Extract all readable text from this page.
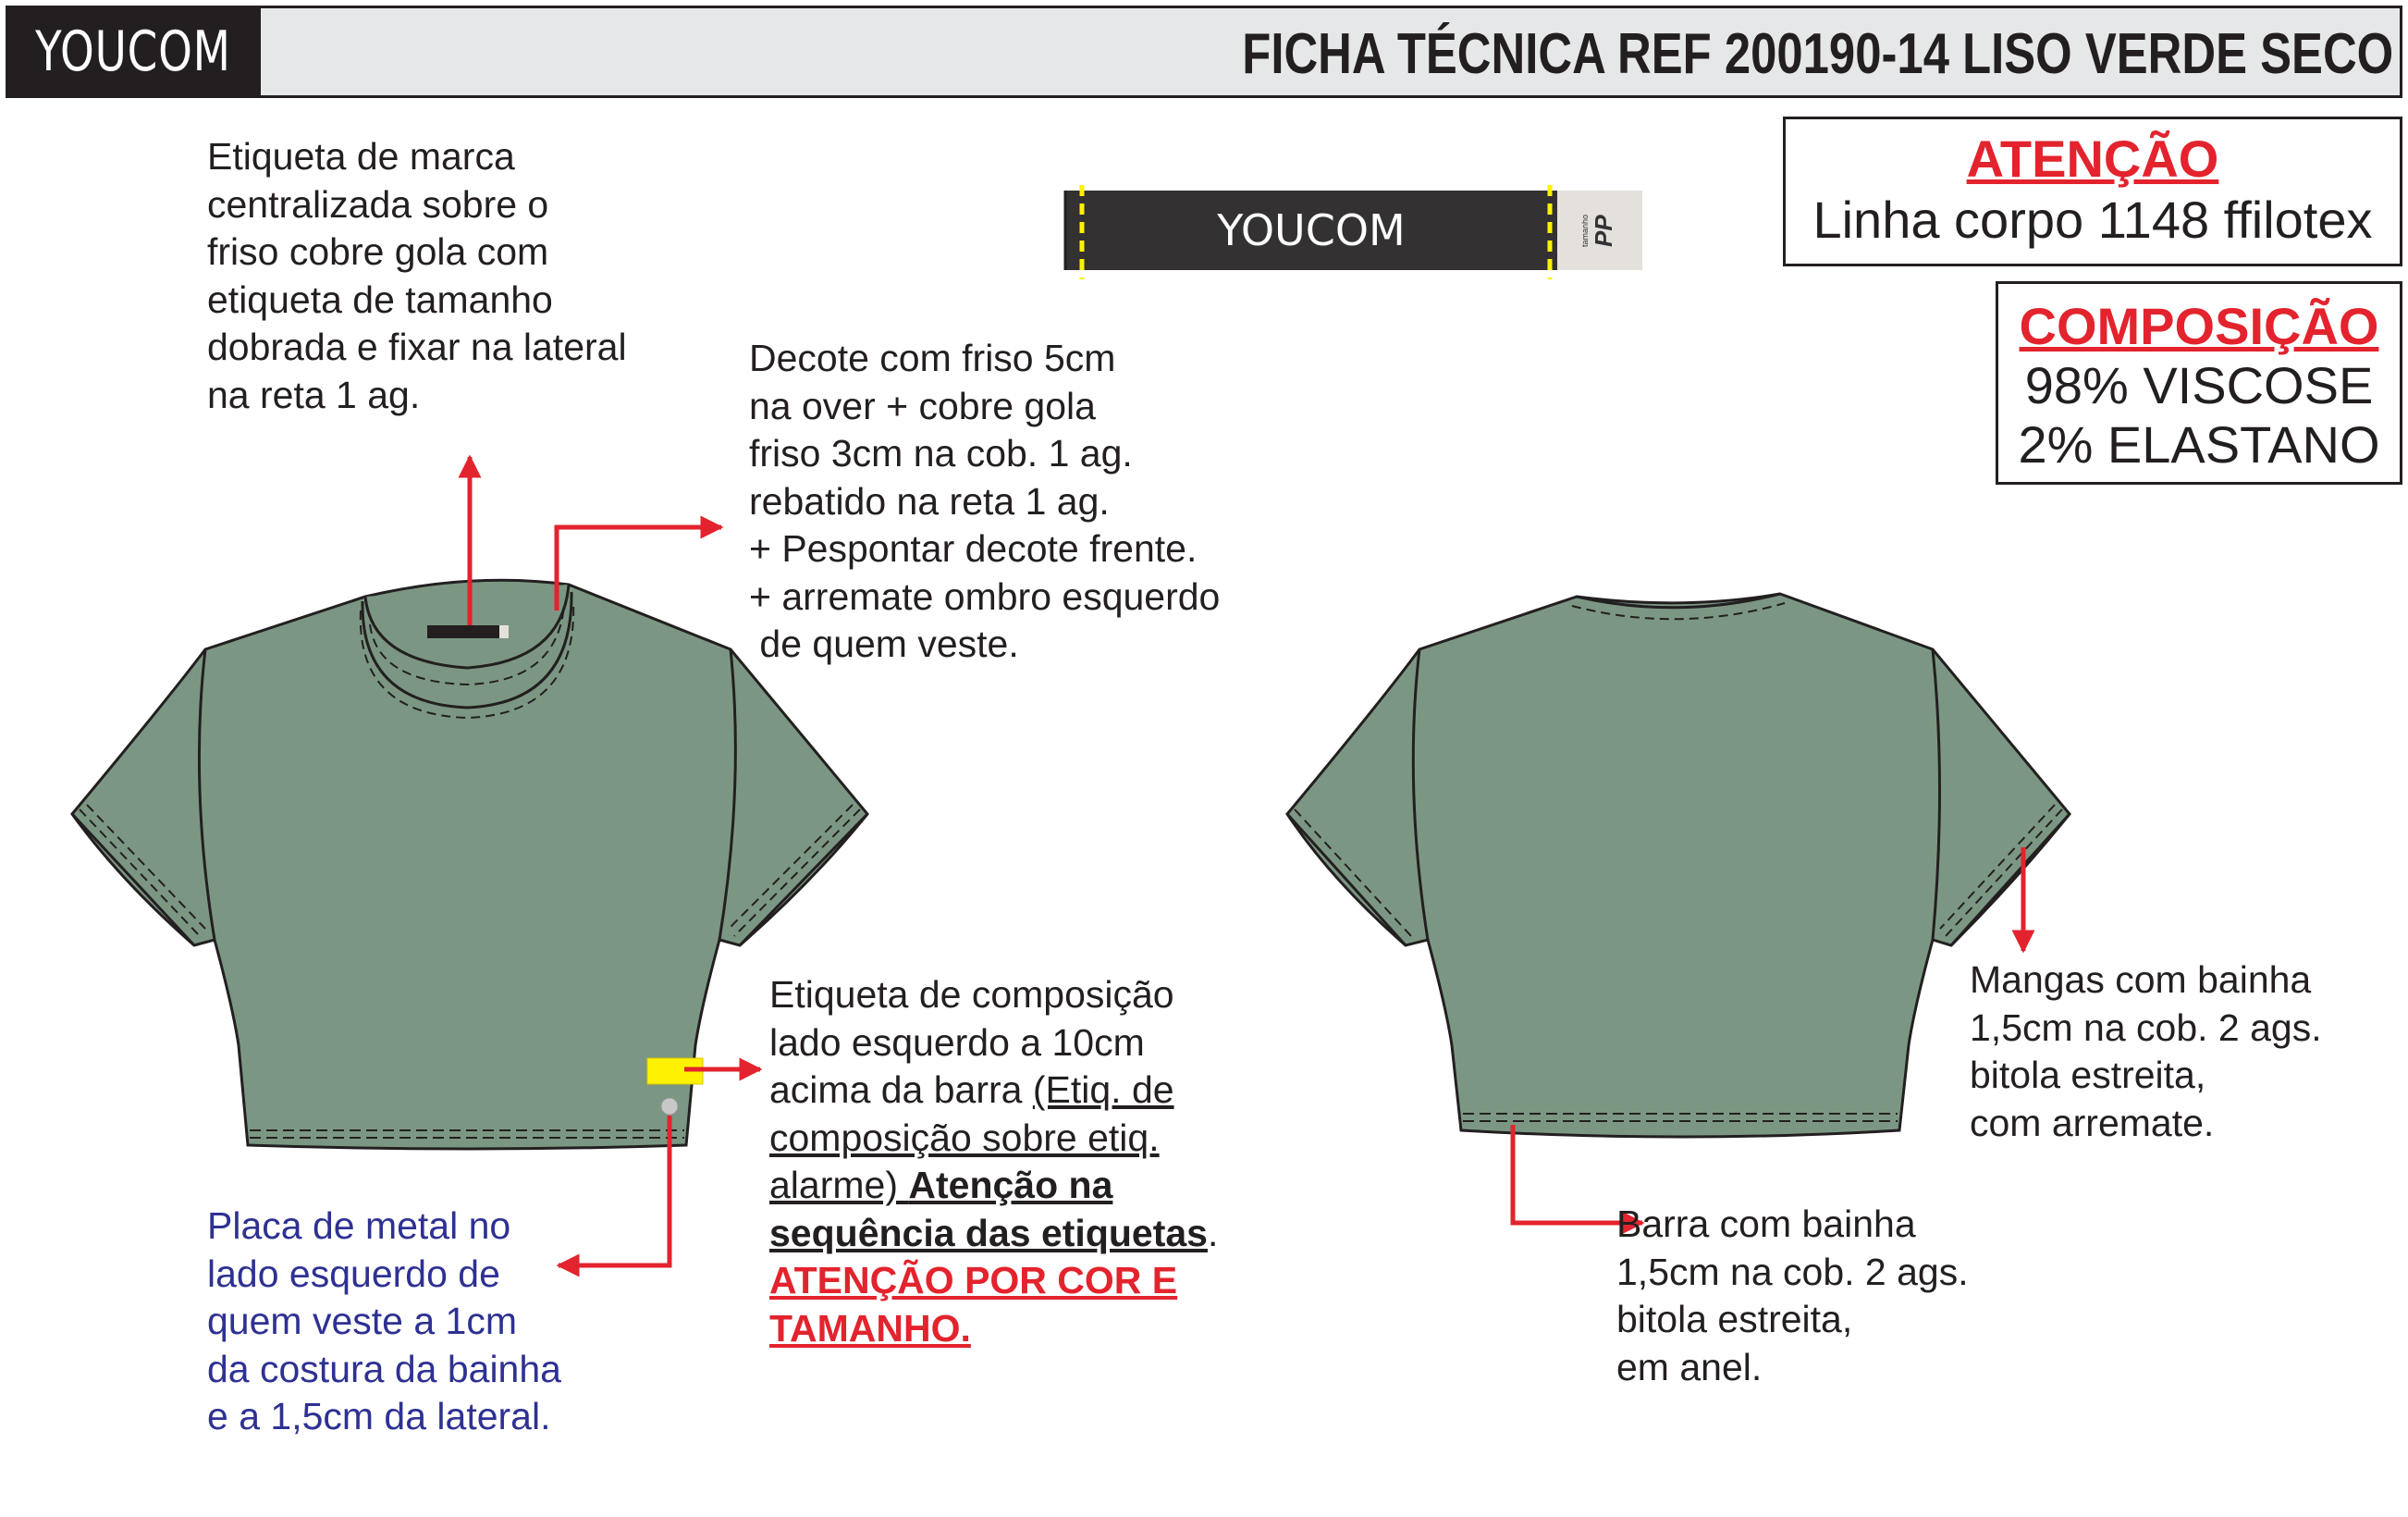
YOUCOM	FICHA TÉCNICA REF 200190-14 LISO VERDE SECO
ATENÇÃO
Linha corpo 1148 ffilotex
COMPOSIÇÃO
98% VISCOSE
2% ELASTANO
YOUCOM	tamanho PP
Etiqueta de marca
centralizada sobre o
friso cobre gola com
etiqueta de tamanho
dobrada e fixar na lateral
na reta 1 ag.
Decote com friso 5cm
na over + cobre gola
friso 3cm na cob. 1 ag.
rebatido na reta 1 ag.
+ Pespontar decote frente.
+ arremate ombro esquerdo
de quem veste.
Etiqueta de composição
lado esquerdo a 10cm
acima da barra (Etiq. de
composição sobre etiq.
alarme) Atenção na
sequência das etiquetas.
ATENÇÃO POR COR E
TAMANHO.
Placa de metal no
lado esquerdo de
quem veste a 1cm
da costura da bainha
e a 1,5cm da lateral.
Mangas com bainha
1,5cm na cob. 2 ags.
bitola estreita,
com arremate.
Barra com bainha
1,5cm na cob. 2 ags.
bitola estreita,
em anel.
